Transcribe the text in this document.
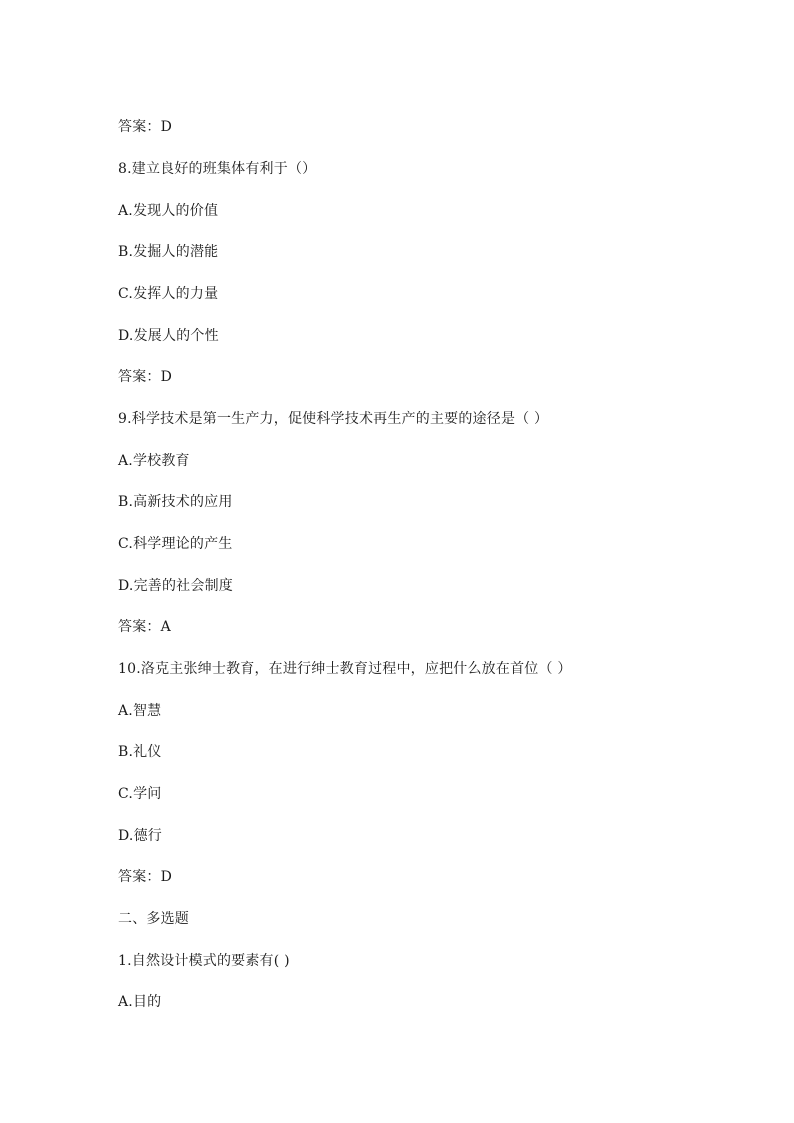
答案：D
8.建立良好的班集体有利于（）
A.发现人的价值
B.发掘人的潜能
C.发挥人的力量
D.发展人的个性
答案：D
9.科学技术是第一生产力，促使科学技术再生产的主要的途径是（ ）
A.学校教育
B.高新技术的应用
C.科学理论的产生
D.完善的社会制度
答案：A
10.洛克主张绅士教育，在进行绅士教育过程中，应把什么放在首位（ ）
A.智慧
B.礼仪
C.学问
D.德行
答案：D
二、多选题
1.自然设计模式的要素有( )
A.目的
